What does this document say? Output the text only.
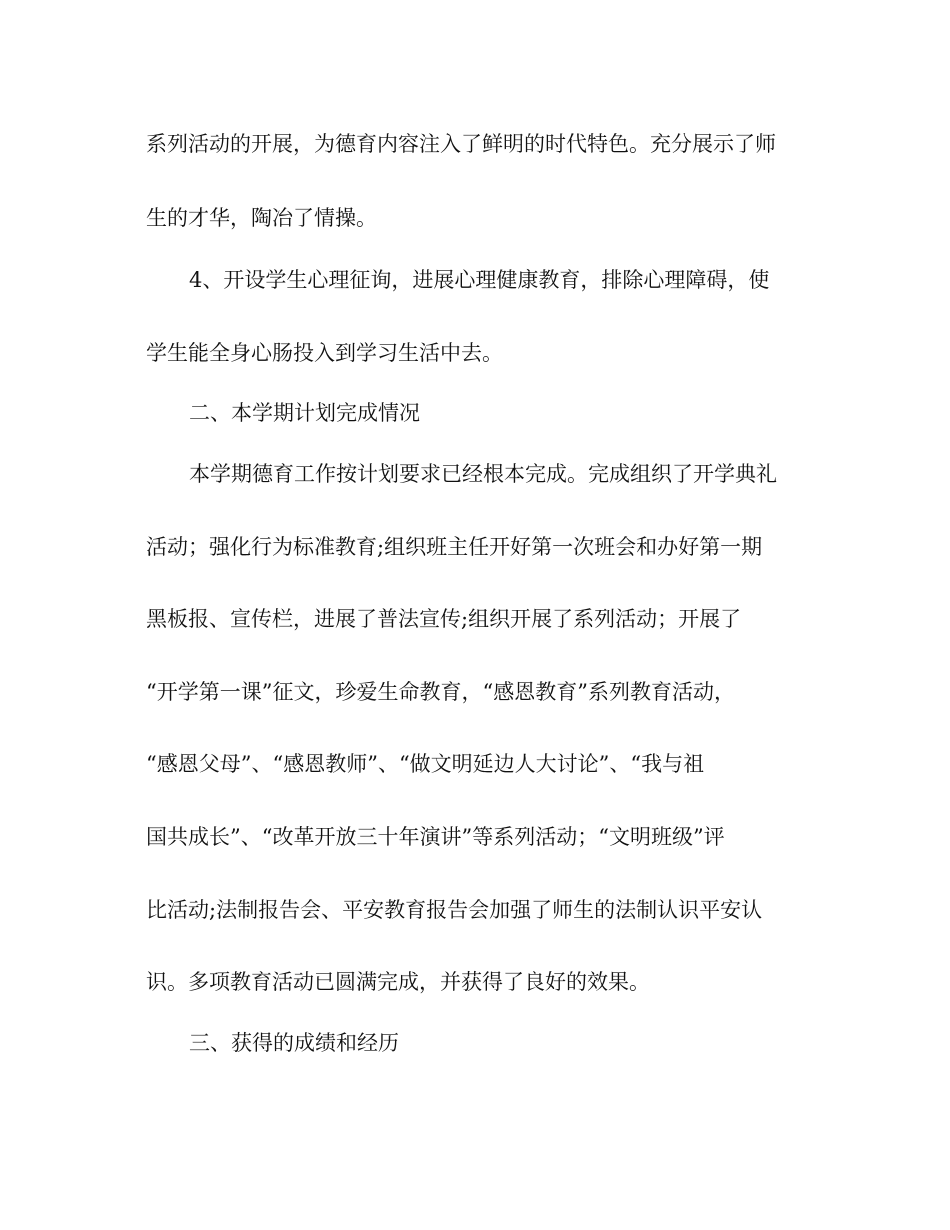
系列活动的开展，为德育内容注入了鲜明的时代特色。充分展示了师
生的才华，陶冶了情操。
4、开设学生心理征询，进展心理健康教育，排除心理障碍，使
学生能全身心肠投入到学习生活中去。
二、本学期计划完成情况
本学期德育工作按计划要求已经根本完成。完成组织了开学典礼
活动；强化行为标准教育;组织班主任开好第一次班会和办好第一期
黑板报、宣传栏，进展了普法宣传;组织开展了系列活动；开展了
“开学第一课”征文，珍爱生命教育，“感恩教育”系列教育活动，
“感恩父母”、“感恩教师”、“做文明延边人大讨论”、“我与祖
国共成长”、“改革开放三十年演讲”等系列活动；“文明班级”评
比活动;法制报告会、平安教育报告会加强了师生的法制认识平安认
识。多项教育活动已圆满完成，并获得了良好的效果。
三、获得的成绩和经历
